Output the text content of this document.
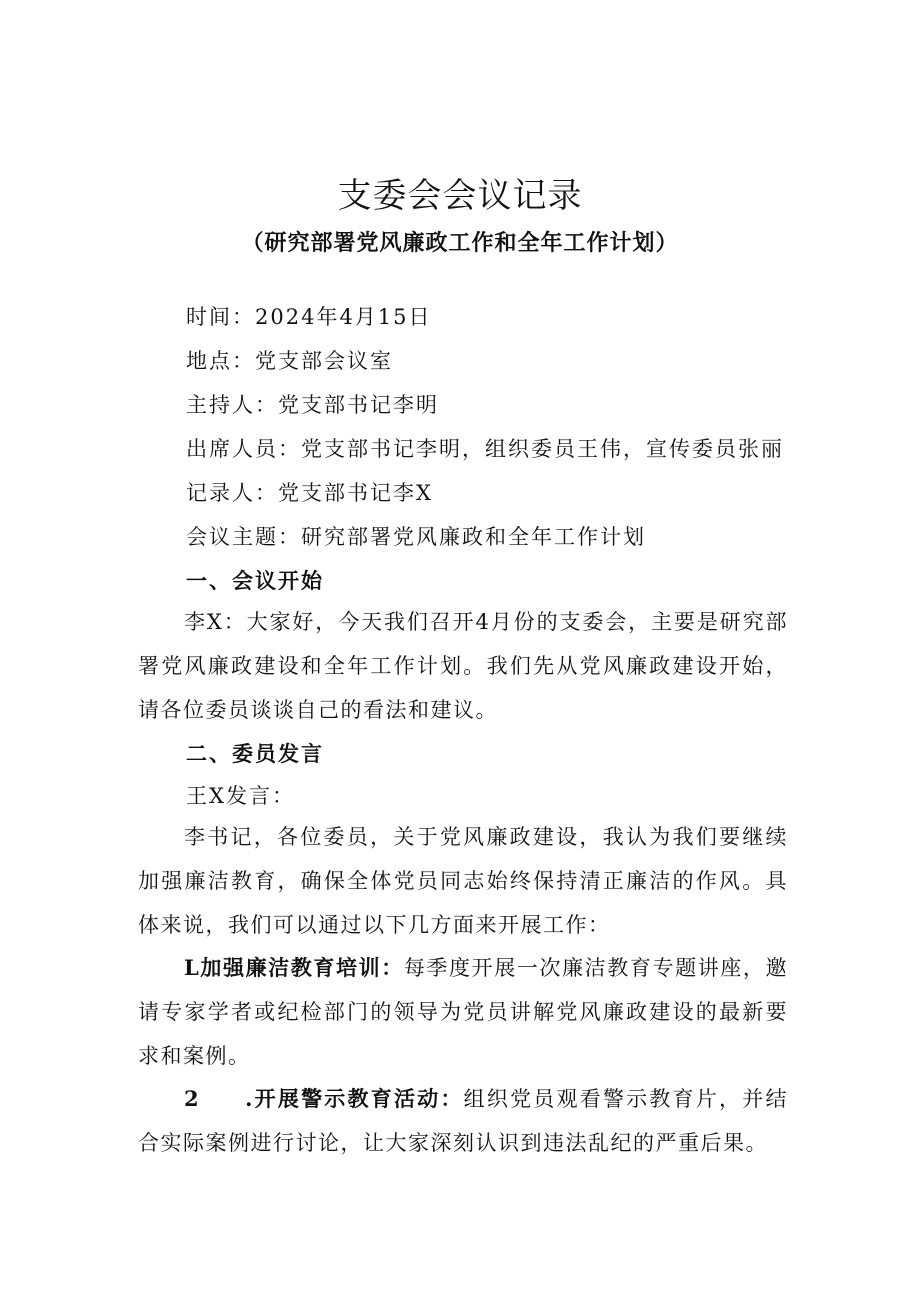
支委会会议记录
（研究部署党风廉政工作和全年工作计划）
时间：2024年4月15日
地点：党支部会议室
主持人：党支部书记李明
出席人员：党支部书记李明，组织委员王伟，宣传委员张丽
记录人：党支部书记李X
会议主题：研究部署党风廉政和全年工作计划
一、会议开始
李X：大家好，今天我们召开4月份的支委会，主要是研究部署党风廉政建设和全年工作计划。我们先从党风廉政建设开始，请各位委员谈谈自己的看法和建议。
二、委员发言
王X发言：
李书记，各位委员，关于党风廉政建设，我认为我们要继续加强廉洁教育，确保全体党员同志始终保持清正廉洁的作风。具体来说，我们可以通过以下几方面来开展工作：
L加强廉洁教育培训：每季度开展一次廉洁教育专题讲座，邀请专家学者或纪检部门的领导为党员讲解党风廉政建设的最新要求和案例。
2  .开展警示教育活动：组织党员观看警示教育片，并结合实际案例进行讨论，让大家深刻认识到违法乱纪的严重后果。
